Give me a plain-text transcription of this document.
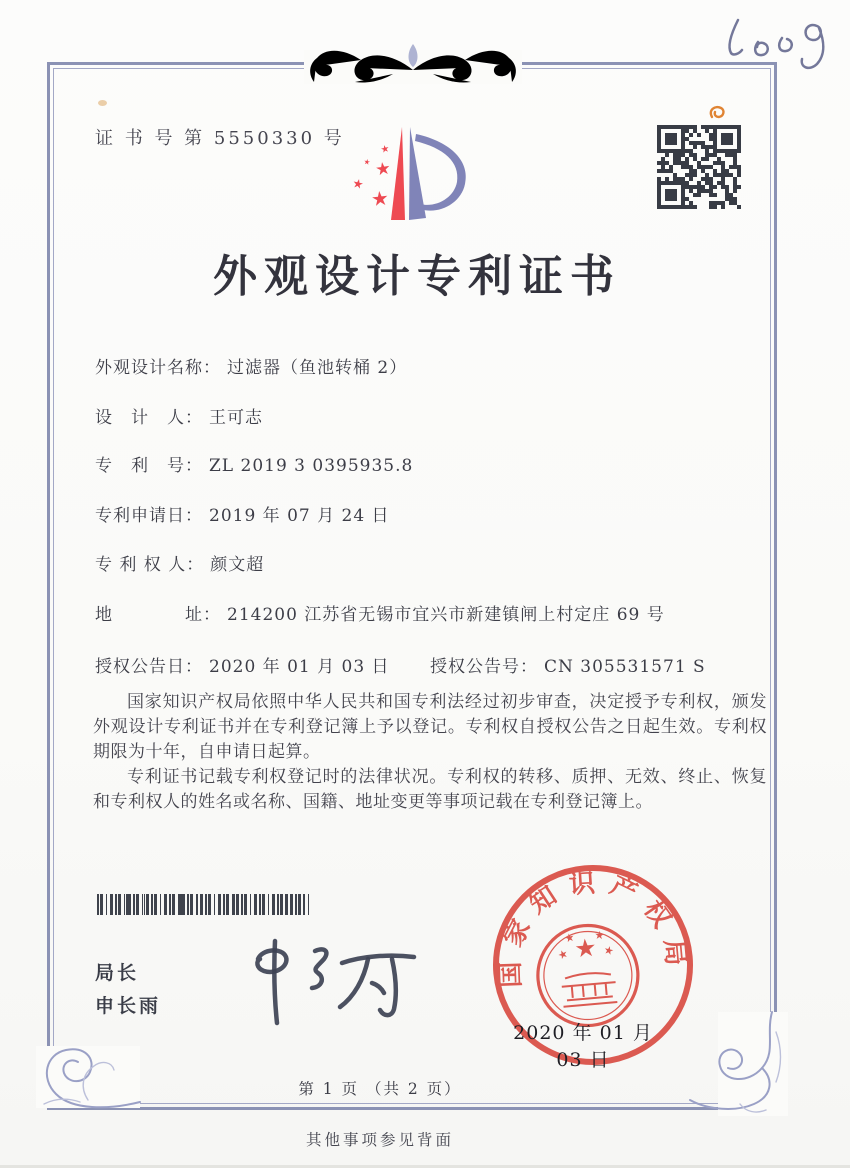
证 书 号 第 5550330 号
外观设计专利证书
外观设计名称： 过滤器（鱼池转桶 2）
设　计　人： 王可志
专　利　号： ZL 2019 3 0395935.8
专利申请日： 2019 年 07 月 24 日
专 利 权 人： 颜文超
地　　　　址： 214200 江苏省无锡市宜兴市新建镇闸上村定庄 69 号
授权公告日： 2020 年 01 月 03 日 授权公告号： CN 305531571 S

国家知识产权局依照中华人民共和国专利法经过初步审查，决定授予专利权，颁发外观设计专利证书并在专利登记簿上予以登记。专利权自授权公告之日起生效。专利权期限为十年，自申请日起算。

专利证书记载专利权登记时的法律状况。专利权的转移、质押、无效、终止、恢复和专利权人的姓名或名称、国籍、地址变更等事项记载在专利登记簿上。

局长
申长雨
国家知识产权局
2020 年 01 月 03 日
第 1 页 （共 2 页）
其他事项参见背面
